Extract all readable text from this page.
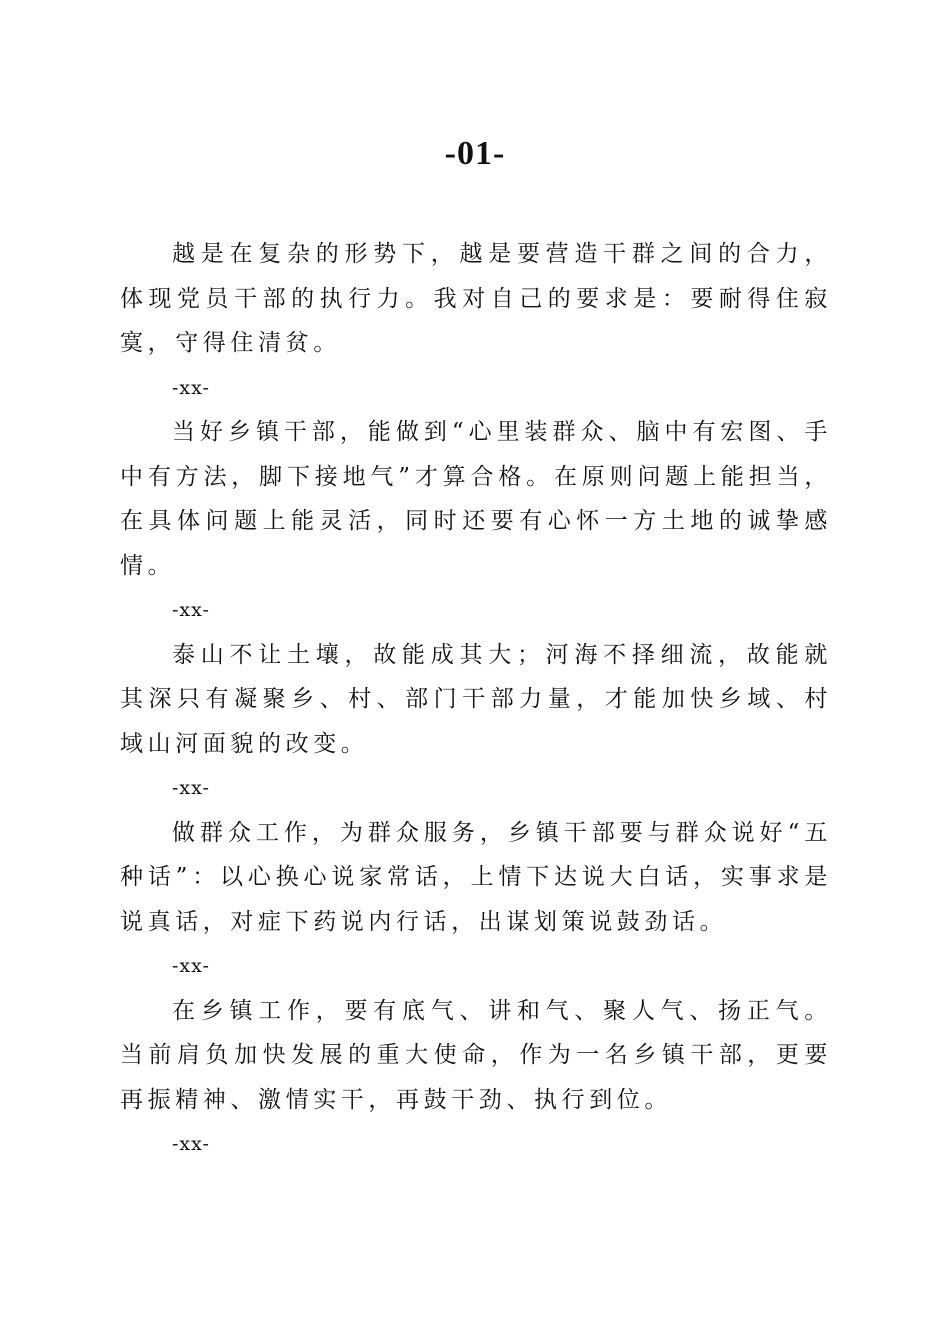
-01-

越是在复杂的形势下，越是要营造干群之间的合力，体现党员干部的执行力。我对自己的要求是：要耐得住寂寞，守得住清贫。

-xx-

当好乡镇干部，能做到“心里装群众、脑中有宏图、手中有方法，脚下接地气”才算合格。在原则问题上能担当，在具体问题上能灵活，同时还要有心怀一方土地的诚挚感情。

-xx-

泰山不让土壤，故能成其大；河海不择细流，故能就其深只有凝聚乡、村、部门干部力量，才能加快乡域、村域山河面貌的改变。

-xx-

做群众工作，为群众服务，乡镇干部要与群众说好“五种话”：以心换心说家常话，上情下达说大白话，实事求是说真话，对症下药说内行话，出谋划策说鼓劲话。

-xx-

在乡镇工作，要有底气、讲和气、聚人气、扬正气。当前肩负加快发展的重大使命，作为一名乡镇干部，更要再振精神、激情实干，再鼓干劲、执行到位。

-xx-
